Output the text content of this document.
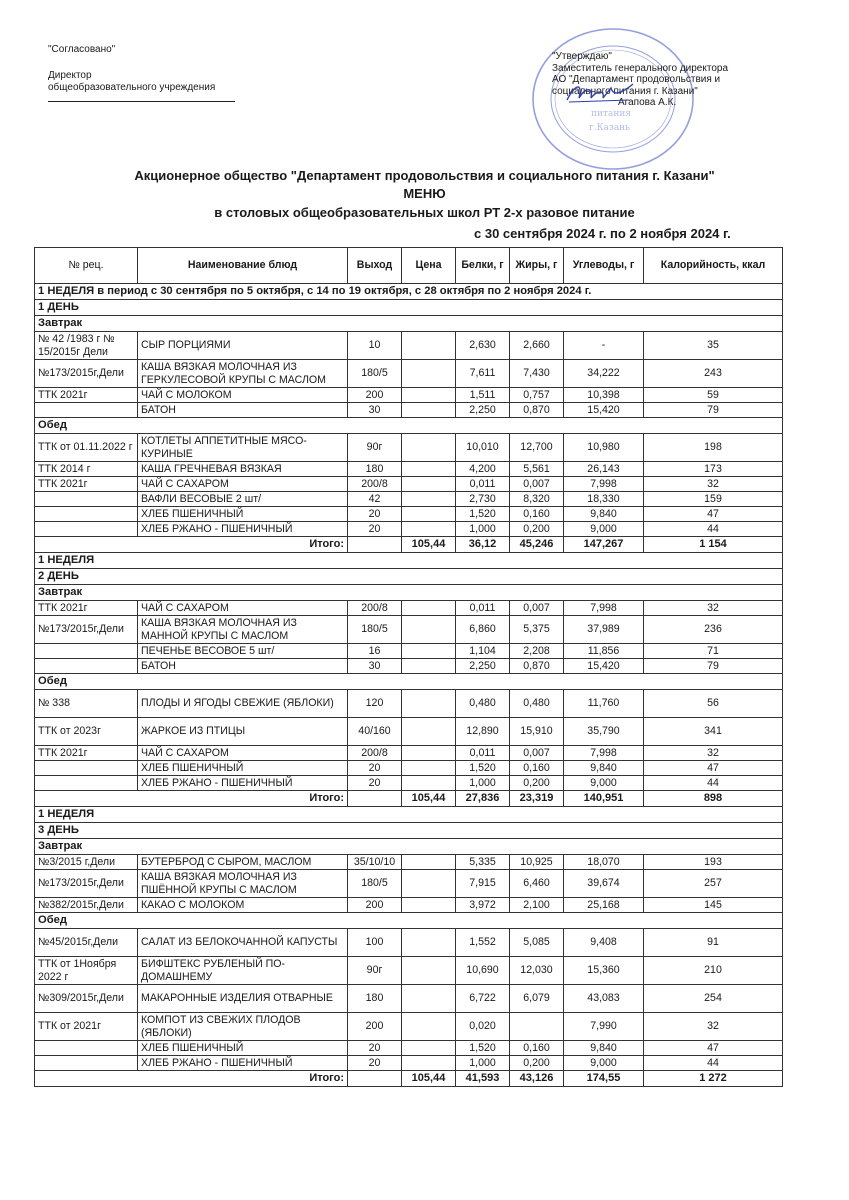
"Согласовано"
Директор
общеобразовательного учреждения
питания
г.Казань
"Утверждаю"
Заместитель генерального директора
АО "Департамент продовольствия и
социального питания г. Казани"
Агапова А.К.
Акционерное общество "Департамент продовольствия и социального питания г. Казани"
МЕНЮ
в столовых общеобразовательных школ РТ 2-х разовое питание
с 30 сентября 2024 г. по 2 ноября 2024 г.
№ рец.	Наименование блюд	Выход	Цена	Белки, г	Жиры, г	Углеводы, г	Калорийность, ккал
1 НЕДЕЛЯ в период с 30 сентября по 5 октября, с 14 по 19 октября, с 28 октября по 2 ноября 2024 г.							
1 ДЕНЬ							
Завтрак							
№ 42 /1983 г № 15/2015г Дели	СЫР ПОРЦИЯМИ	10		2,630	2,660	-	35
№173/2015г,Дели	КАША ВЯЗКАЯ МОЛОЧНАЯ ИЗ ГЕРКУЛЕСОВОЙ КРУПЫ С МАСЛОМ	180/5		7,611	7,430	34,222	243
ТТК 2021г	ЧАЙ С МОЛОКОМ	200		1,511	0,757	10,398	59
	БАТОН	30		2,250	0,870	15,420	79
Обед							
ТТК от 01.11.2022 г	КОТЛЕТЫ АППЕТИТНЫЕ МЯСО-КУРИНЫЕ	90г		10,010	12,700	10,980	198
ТТК 2014 г	КАША ГРЕЧНЕВАЯ ВЯЗКАЯ	180		4,200	5,561	26,143	173
ТТК 2021г	ЧАЙ С САХАРОМ	200/8		0,011	0,007	7,998	32
	ВАФЛИ ВЕСОВЫЕ 2 шт/	42		2,730	8,320	18,330	159
	ХЛЕБ ПШЕНИЧНЫЙ	20		1,520	0,160	9,840	47
	ХЛЕБ РЖАНО - ПШЕНИЧНЫЙ	20		1,000	0,200	9,000	44
Итого:			105,44	36,12	45,246	147,267	1 154
1 НЕДЕЛЯ							
2 ДЕНЬ							
Завтрак							
ТТК 2021г	ЧАЙ С САХАРОМ	200/8		0,011	0,007	7,998	32
№173/2015г,Дели	КАША ВЯЗКАЯ МОЛОЧНАЯ ИЗ МАННОЙ КРУПЫ С МАСЛОМ	180/5		6,860	5,375	37,989	236
	ПЕЧЕНЬЕ ВЕСОВОЕ 5 шт/	16		1,104	2,208	11,856	71
	БАТОН	30		2,250	0,870	15,420	79
Обед							
№ 338	ПЛОДЫ И ЯГОДЫ СВЕЖИЕ (ЯБЛОКИ)	120		0,480	0,480	11,760	56
ТТК от 2023г	ЖАРКОЕ ИЗ ПТИЦЫ	40/160		12,890	15,910	35,790	341
ТТК 2021г	ЧАЙ С САХАРОМ	200/8		0,011	0,007	7,998	32
	ХЛЕБ ПШЕНИЧНЫЙ	20		1,520	0,160	9,840	47
	ХЛЕБ РЖАНО - ПШЕНИЧНЫЙ	20		1,000	0,200	9,000	44
Итого:			105,44	27,836	23,319	140,951	898
1 НЕДЕЛЯ							
3 ДЕНЬ							
Завтрак							
№3/2015 г,Дели	БУТЕРБРОД С СЫРОМ, МАСЛОМ	35/10/10		5,335	10,925	18,070	193
№173/2015г,Дели	КАША ВЯЗКАЯ МОЛОЧНАЯ ИЗ ПШЁННОЙ КРУПЫ С МАСЛОМ	180/5		7,915	6,460	39,674	257
№382/2015г,Дели	КАКАО С МОЛОКОМ	200		3,972	2,100	25,168	145
Обед							
№45/2015г,Дели	САЛАТ ИЗ БЕЛОКОЧАННОЙ КАПУСТЫ	100		1,552	5,085	9,408	91
ТТК от 1Ноября 2022 г	БИФШТЕКС РУБЛЕНЫЙ ПО-ДОМАШНЕМУ	90г		10,690	12,030	15,360	210
№309/2015г,Дели	МАКАРОННЫЕ ИЗДЕЛИЯ ОТВАРНЫЕ	180		6,722	6,079	43,083	254
ТТК от 2021г	КОМПОТ ИЗ СВЕЖИХ ПЛОДОВ (ЯБЛОКИ)	200		0,020		7,990	32
	ХЛЕБ ПШЕНИЧНЫЙ	20		1,520	0,160	9,840	47
	ХЛЕБ РЖАНО - ПШЕНИЧНЫЙ	20		1,000	0,200	9,000	44
Итого:			105,44	41,593	43,126	174,55	1 272
